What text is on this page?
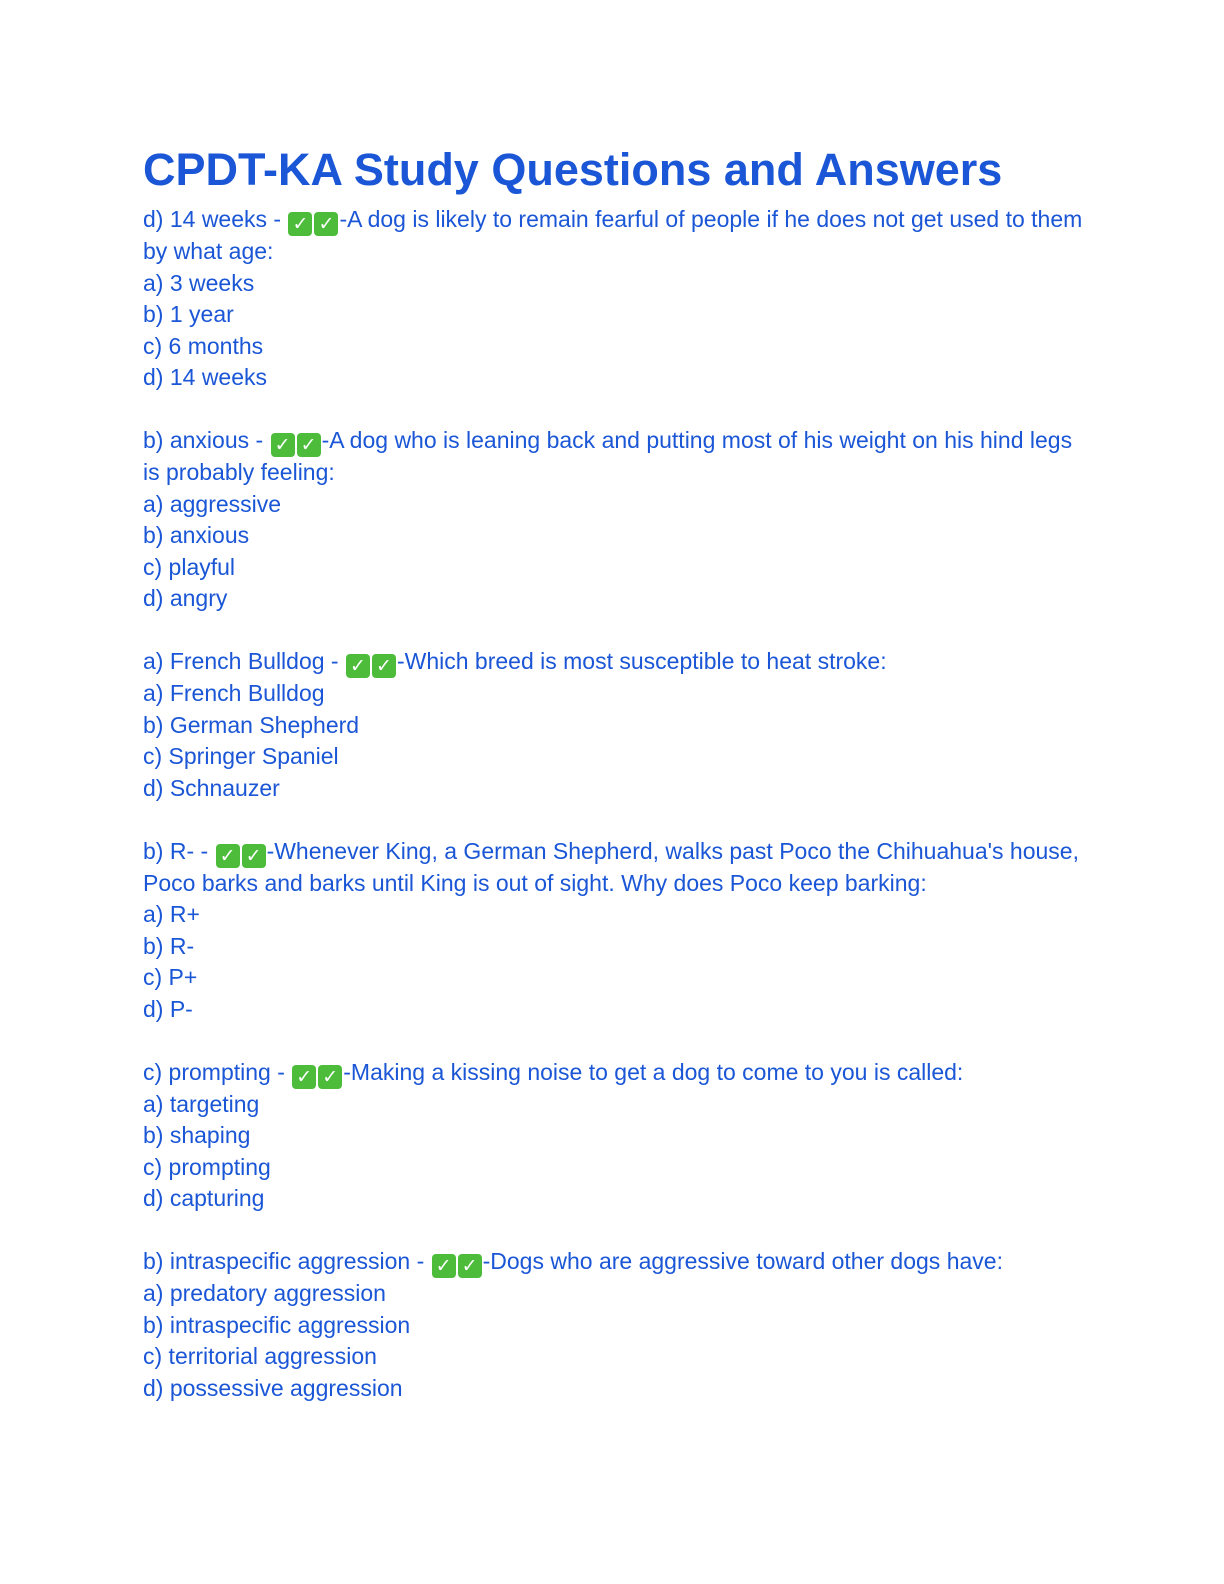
CPDT-KA Study Questions and Answers
d) 14 weeks - ✓ ✓ -A dog is likely to remain fearful of people if he does not get used to them by what age:
a) 3 weeks
b) 1 year
c) 6 months
d) 14 weeks
b) anxious - ✓ ✓ -A dog who is leaning back and putting most of his weight on his hind legs is probably feeling:
a) aggressive
b) anxious
c) playful
d) angry
a) French Bulldog - ✓ ✓ -Which breed is most susceptible to heat stroke:
a) French Bulldog
b) German Shepherd
c) Springer Spaniel
d) Schnauzer
b) R- - ✓ ✓ -Whenever King, a German Shepherd, walks past Poco the Chihuahua's house, Poco barks and barks until King is out of sight. Why does Poco keep barking:
a) R+
b) R-
c) P+
d) P-
c) prompting - ✓ ✓ -Making a kissing noise to get a dog to come to you is called:
a) targeting
b) shaping
c) prompting
d) capturing
b) intraspecific aggression - ✓ ✓ -Dogs who are aggressive toward other dogs have:
a) predatory aggression
b) intraspecific aggression
c) territorial aggression
d) possessive aggression
